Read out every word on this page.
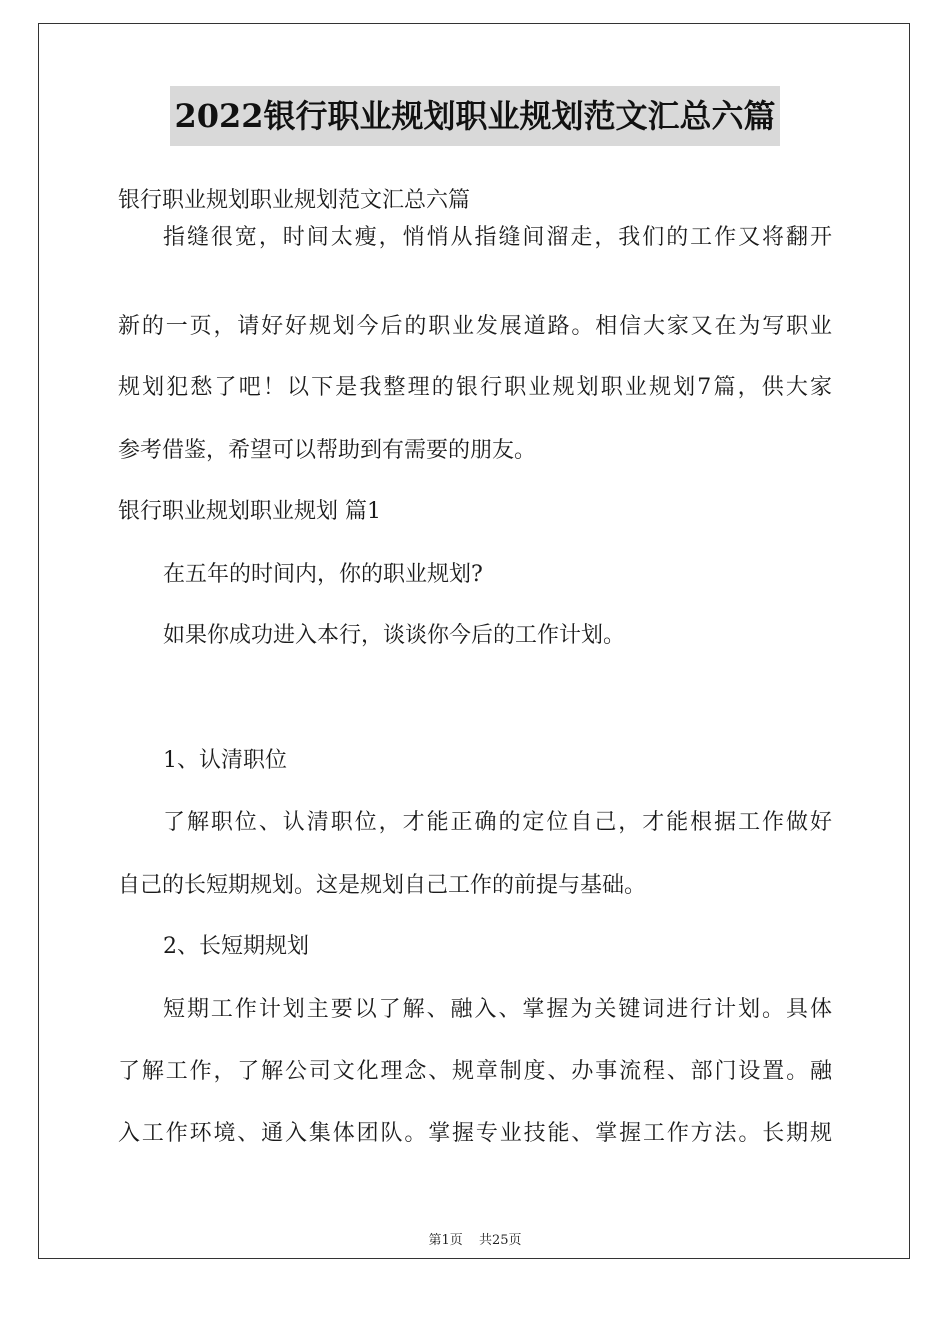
2022银行职业规划职业规划范文汇总六篇
银行职业规划职业规划范文汇总六篇
指缝很宽，时间太瘦，悄悄从指缝间溜走，我们的工作又将翻开
新的一页，请好好规划今后的职业发展道路。相信大家又在为写职业
规划犯愁了吧！以下是我整理的银行职业规划职业规划7篇，供大家
参考借鉴，希望可以帮助到有需要的朋友。
银行职业规划职业规划 篇1
在五年的时间内，你的职业规划?
如果你成功进入本行，谈谈你今后的工作计划。
1、认清职位
了解职位、认清职位，才能正确的定位自己，才能根据工作做好
自己的长短期规划。这是规划自己工作的前提与基础。
2、长短期规划
短期工作计划主要以了解、融入、掌握为关键词进行计划。具体
了解工作，了解公司文化理念、规章制度、办事流程、部门设置。融
入工作环境、通入集体团队。掌握专业技能、掌握工作方法。长期规
第1页 共25页
